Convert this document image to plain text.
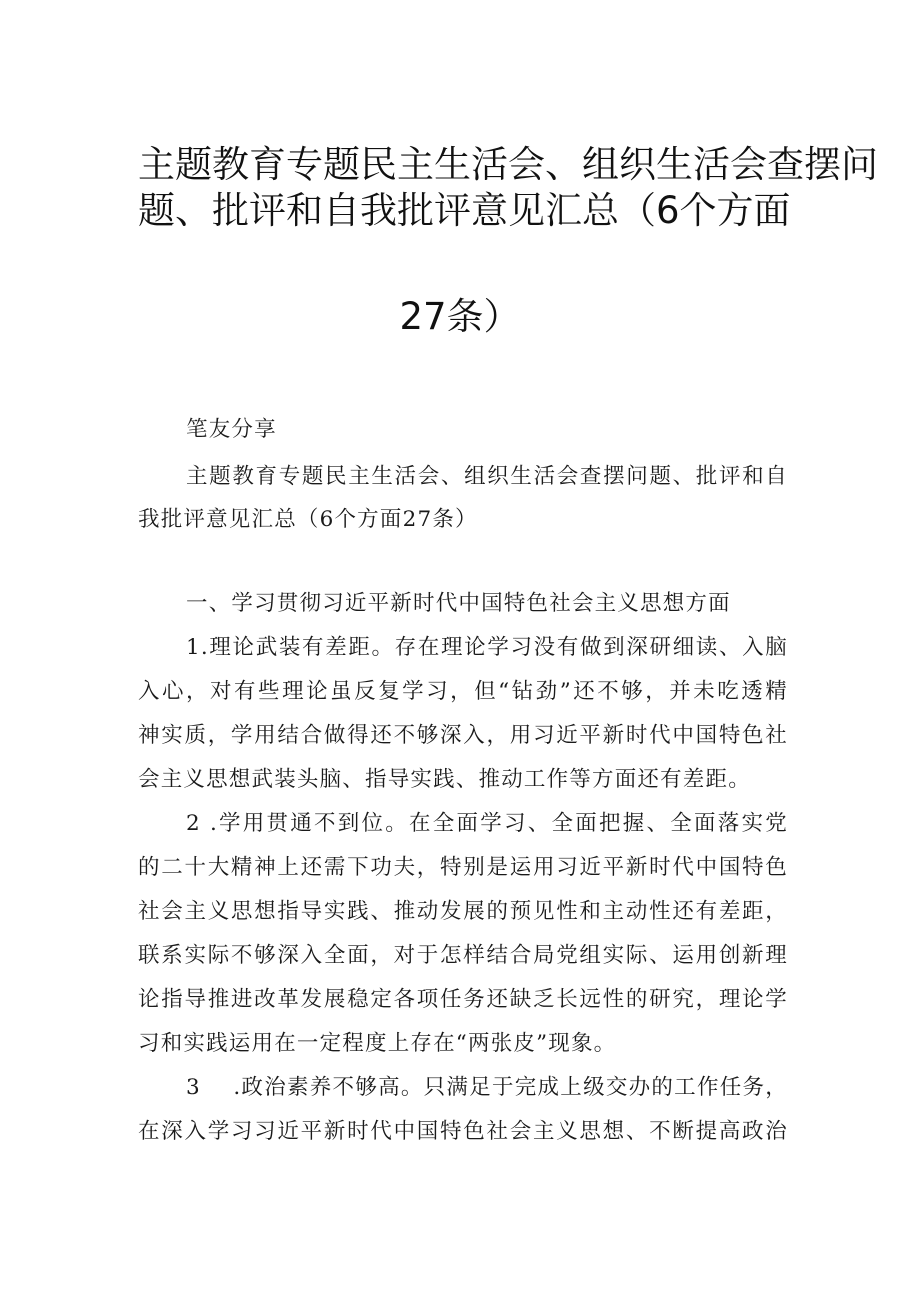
主题教育专题民主生活会、组织生活会查摆问
题、批评和自我批评意见汇总（6个方面
27条）
笔友分享
主题教育专题民主生活会、组织生活会查摆问题、批评和自
我批评意见汇总（6个方面27条）
一、学习贯彻习近平新时代中国特色社会主义思想方面
1.理论武装有差距。存在理论学习没有做到深研细读、入脑
入心，对有些理论虽反复学习，但“钻劲”还不够，并未吃透精
神实质，学用结合做得还不够深入，用习近平新时代中国特色社
会主义思想武装头脑、指导实践、推动工作等方面还有差距。
2 .学用贯通不到位。在全面学习、全面把握、全面落实党
的二十大精神上还需下功夫，特别是运用习近平新时代中国特色
社会主义思想指导实践、推动发展的预见性和主动性还有差距，
联系实际不够深入全面，对于怎样结合局党组实际、运用创新理
论指导推进改革发展稳定各项任务还缺乏长远性的研究，理论学
习和实践运用在一定程度上存在“两张皮”现象。
3    .政治素养不够高。只满足于完成上级交办的工作任务，
在深入学习习近平新时代中国特色社会主义思想、不断提高政治
